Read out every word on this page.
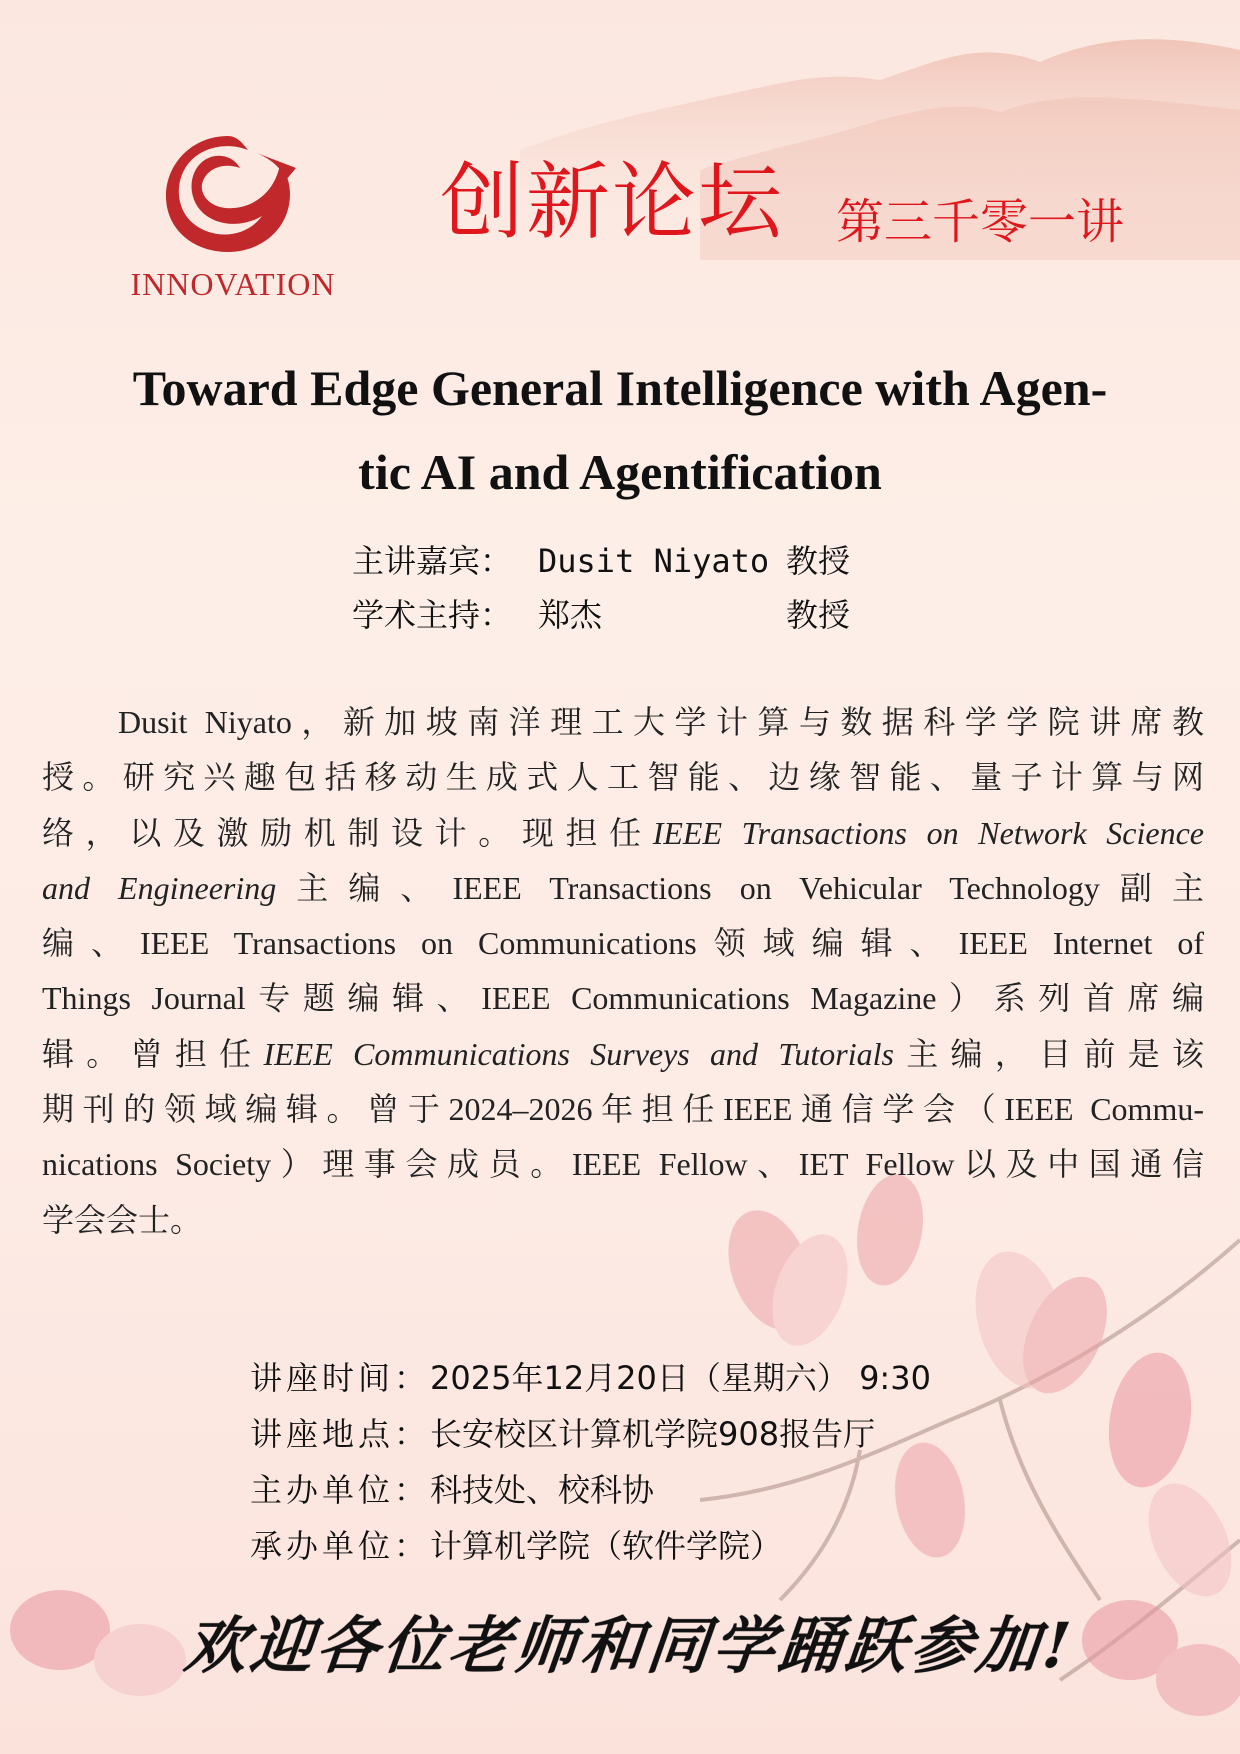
INNOVATION
创新论坛 第三千零一讲
Toward Edge General Intelligence with Agen-
tic AI and Agentification
主讲嘉宾： Dusit Niyato 教授
学术主持： 郑杰	教授
Dusit Niyato，新加坡南洋理工大学计算与数据科学学院讲席教
授。研究兴趣包括移动生成式人工智能、边缘智能、量子计算与网
络，以及激励机制设计。现担任IEEE Transactions on Network Science
and Engineering主编、IEEE Transactions on Vehicular Technology副主
编、IEEE Transactions on Communications领域编辑、IEEE Internet of
Things Journal专题编辑、IEEE Communications Magazine）系列首席编
辑。曾担任IEEE Communications Surveys and Tutorials主编，目前是该
期刊的领域编辑。曾于2024–2026年担任IEEE通信学会（IEEE Commu-
nications Society）理事会成员。IEEE Fellow、IET Fellow以及中国通信
学会会士。
讲座时间：2025年12月20日（星期六） 9:30
讲座地点：长安校区计算机学院908报告厅
主办单位：科技处、校科协
承办单位：计算机学院（软件学院）
欢迎各位老师和同学踊跃参加!
